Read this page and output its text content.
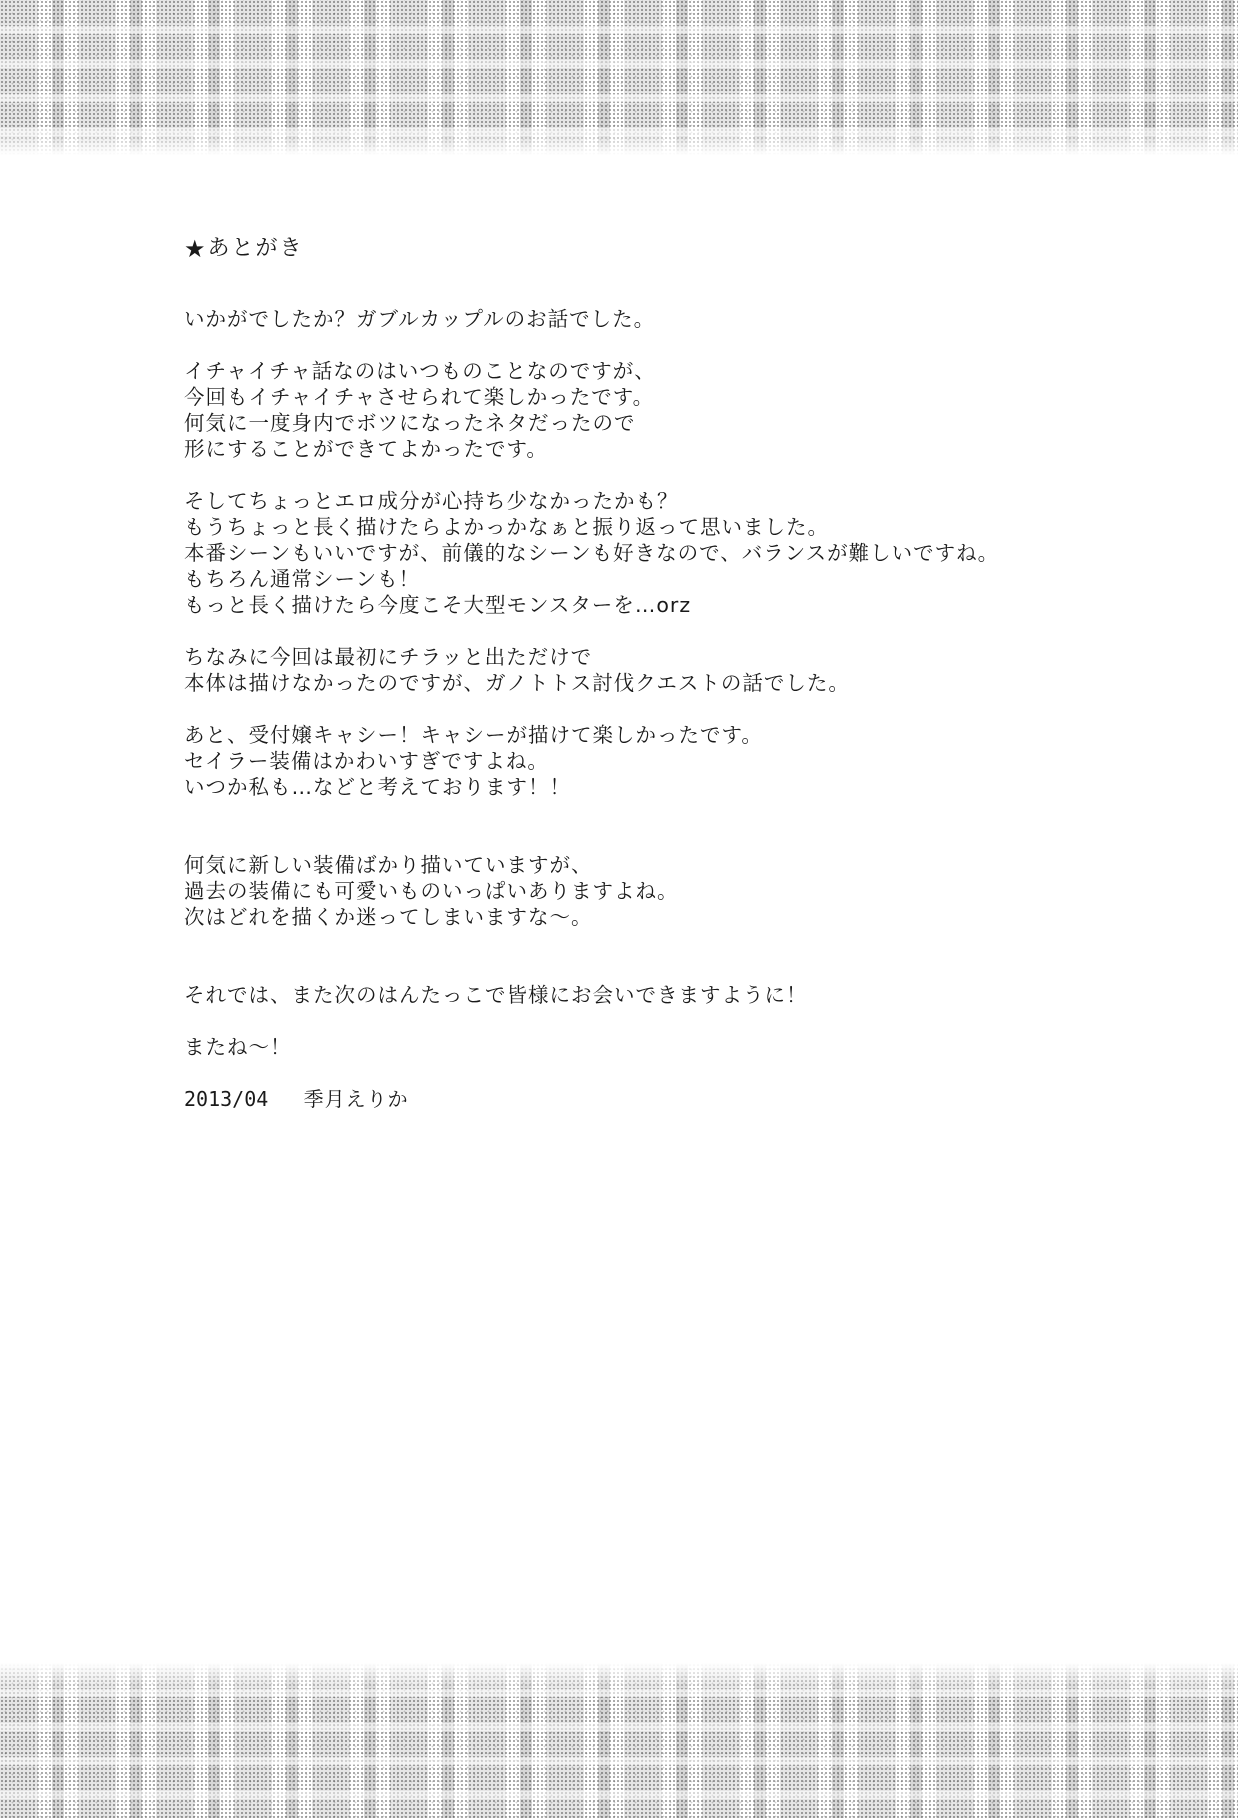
★ あとがき
いかがでしたか？ガブルカップルのお話でした。
イチャイチャ話なのはいつものことなのですが、
今回もイチャイチャさせられて楽しかったです。
何気に一度身内でボツになったネタだったので
形にすることができてよかったです。
そしてちょっとエロ成分が心持ち少なかったかも？
もうちょっと長く描けたらよかっかなぁと振り返って思いました。
本番シーンもいいですが、前儀的なシーンも好きなので、バランスが難しいですね。
もちろん通常シーンも！
もっと長く描けたら今度こそ大型モンスターを…orz
ちなみに今回は最初にチラッと出ただけで
本体は描けなかったのですが、ガノトトス討伐クエストの話でした。
あと、受付嬢キャシー！キャシーが描けて楽しかったです。
セイラー装備はかわいすぎですよね。
いつか私も…などと考えております！！
何気に新しい装備ばかり描いていますが、
過去の装備にも可愛いものいっぱいありますよね。
次はどれを描くか迷ってしまいますな～。
それでは、また次のはんたっこで皆様にお会いできますように！
またね～！
2013/04 季月えりか
